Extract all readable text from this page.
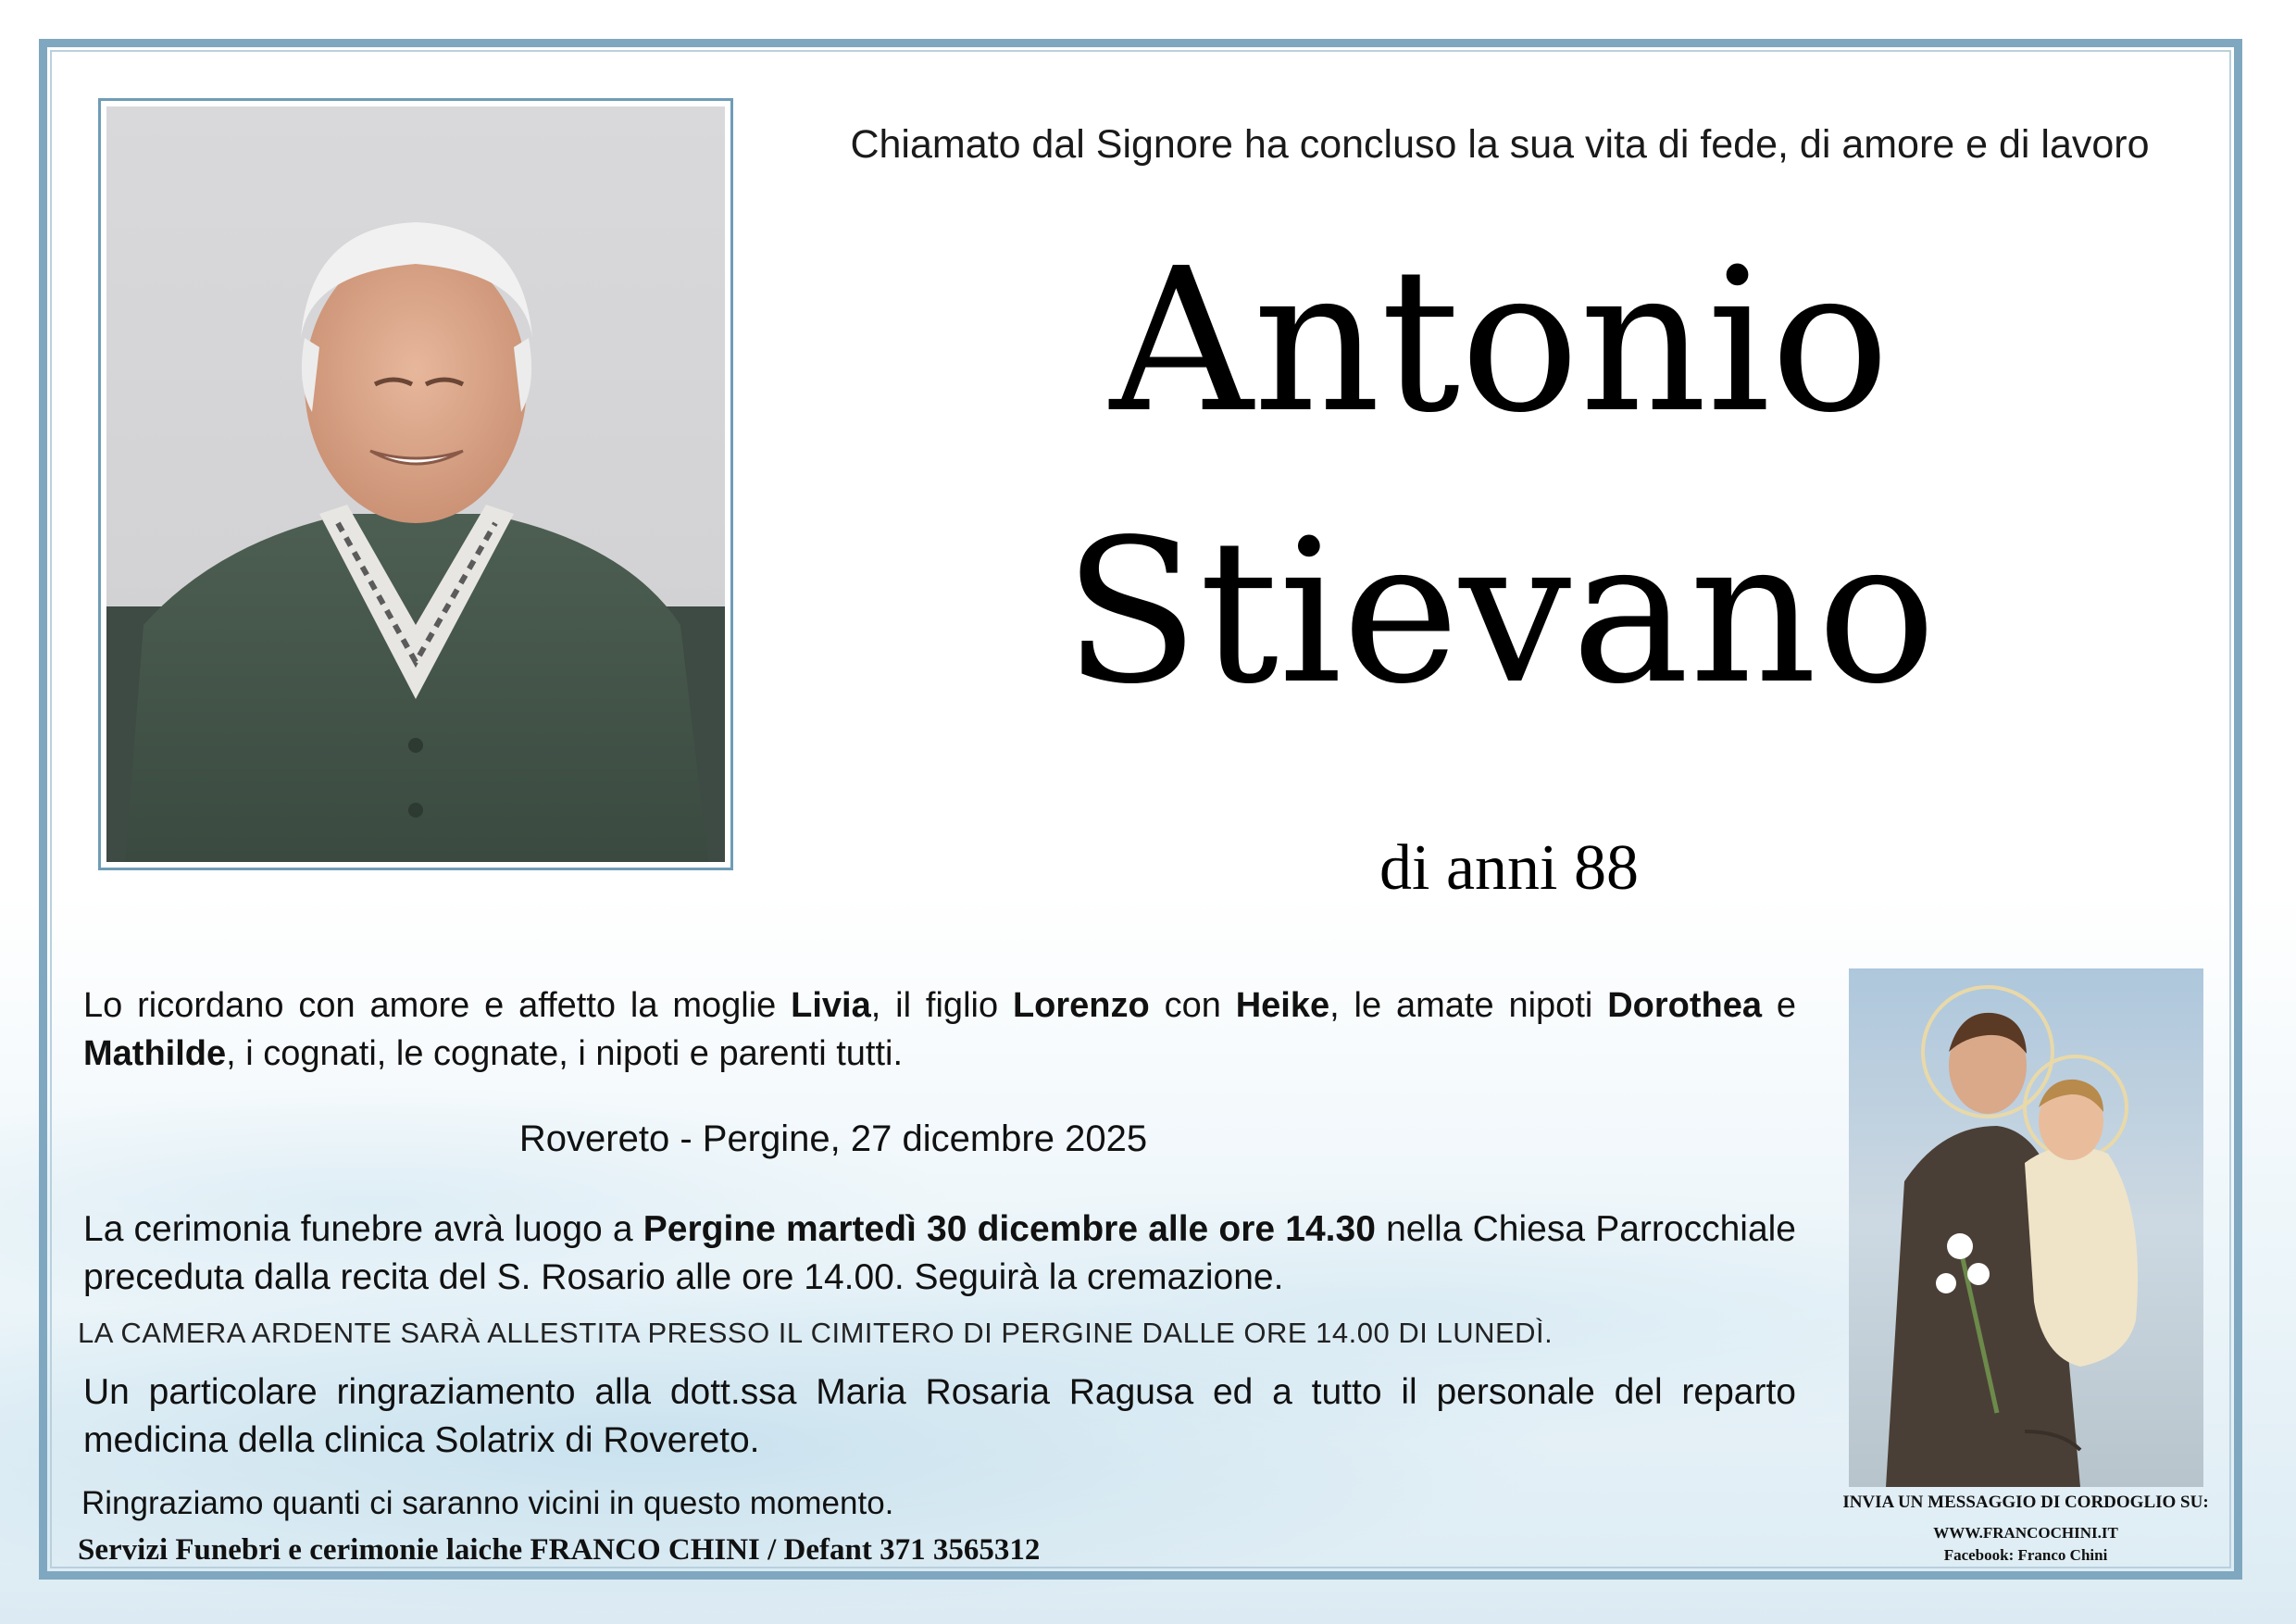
Chiamato dal Signore ha concluso la sua vita di fede, di amore e di lavoro
Antonio
Stievano
di anni 88
Lo ricordano con amore e affetto la moglie Livia, il figlio Lorenzo con Heike, le amate nipoti Dorothea e Mathilde, i cognati, le cognate, i nipoti e parenti tutti.
Rovereto - Pergine, 27 dicembre 2025
La cerimonia funebre avrà luogo a Pergine martedì 30 dicembre alle ore 14.30 nella Chiesa Parrocchiale preceduta dalla recita del S. Rosario alle ore 14.00. Seguirà la cremazione.
LA CAMERA ARDENTE SARÀ ALLESTITA PRESSO IL CIMITERO DI PERGINE DALLE ORE 14.00 DI LUNEDÌ.
Un particolare ringraziamento alla dott.ssa Maria Rosaria Ragusa ed a tutto il personale del reparto medicina della clinica Solatrix di Rovereto.
Ringraziamo quanti ci saranno vicini in questo momento.
Servizi Funebri e cerimonie laiche FRANCO CHINI / Defant 371 3565312
INVIA UN MESSAGGIO DI CORDOGLIO SU:
WWW.FRANCOCHINI.IT
Facebook: Franco Chini
